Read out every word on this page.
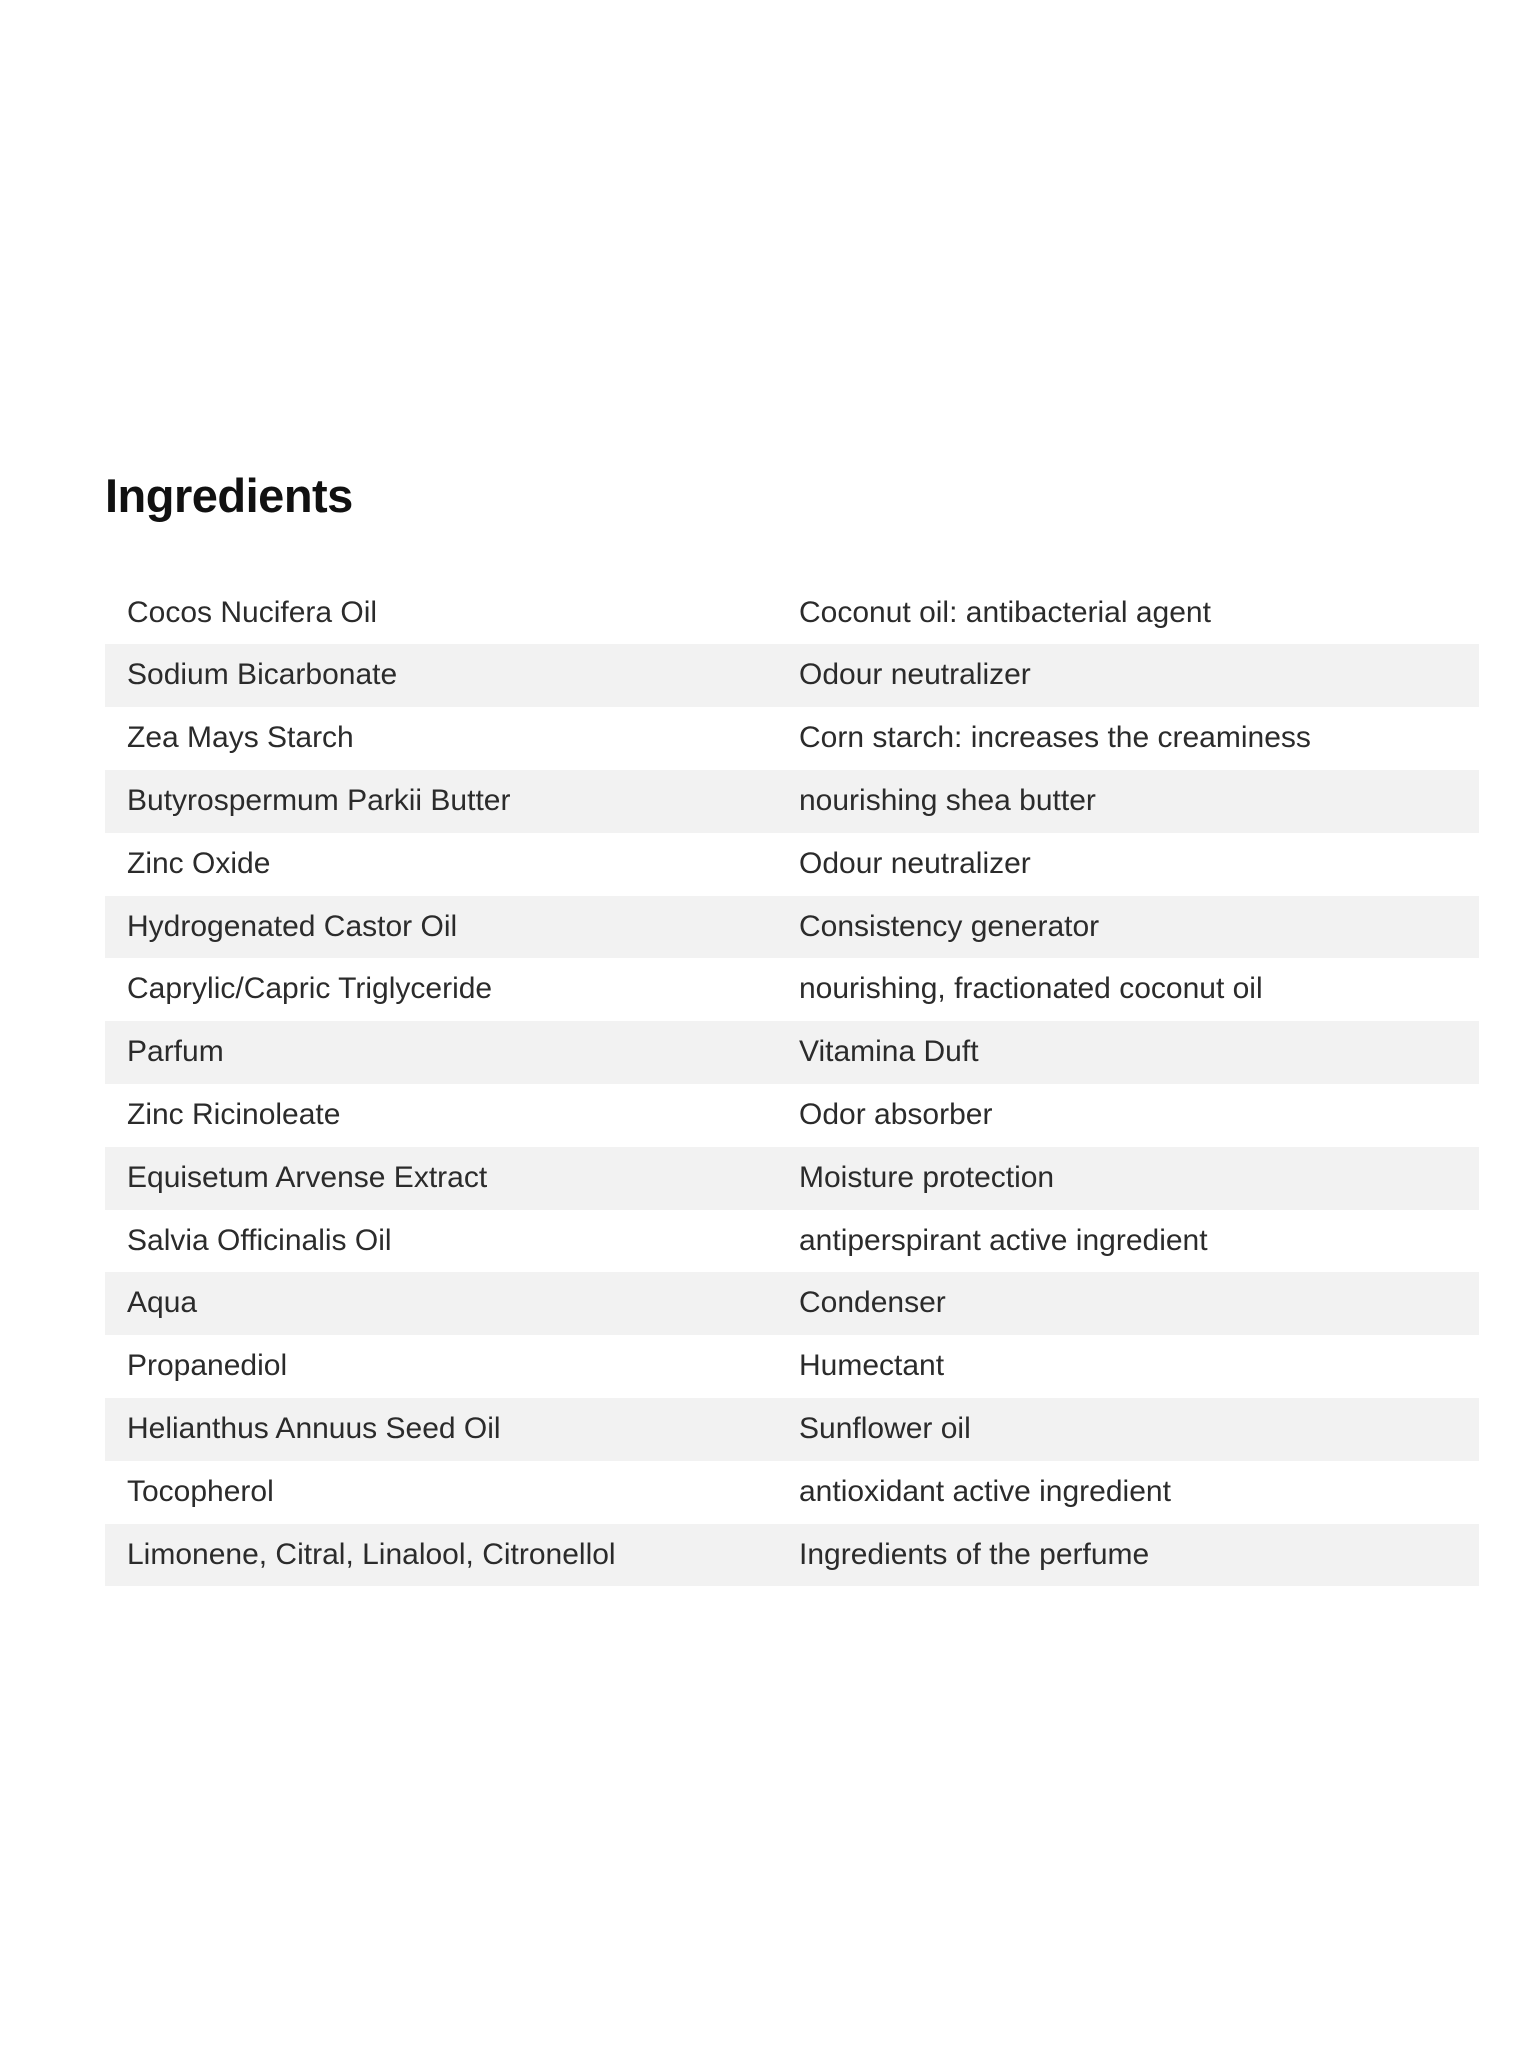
Ingredients
Cocos Nucifera Oil	Coconut oil: antibacterial agent
Sodium Bicarbonate	Odour neutralizer
Zea Mays Starch	Corn starch: increases the creaminess
Butyrospermum Parkii Butter	nourishing shea butter
Zinc Oxide	Odour neutralizer
Hydrogenated Castor Oil	Consistency generator
Caprylic/Capric Triglyceride	nourishing, fractionated coconut oil
Parfum	Vitamina Duft
Zinc Ricinoleate	Odor absorber
Equisetum Arvense Extract	Moisture protection
Salvia Officinalis Oil	antiperspirant active ingredient
Aqua	Condenser
Propanediol	Humectant
Helianthus Annuus Seed Oil	Sunflower oil
Tocopherol	antioxidant active ingredient
Limonene, Citral, Linalool, Citronellol	Ingredients of the perfume
